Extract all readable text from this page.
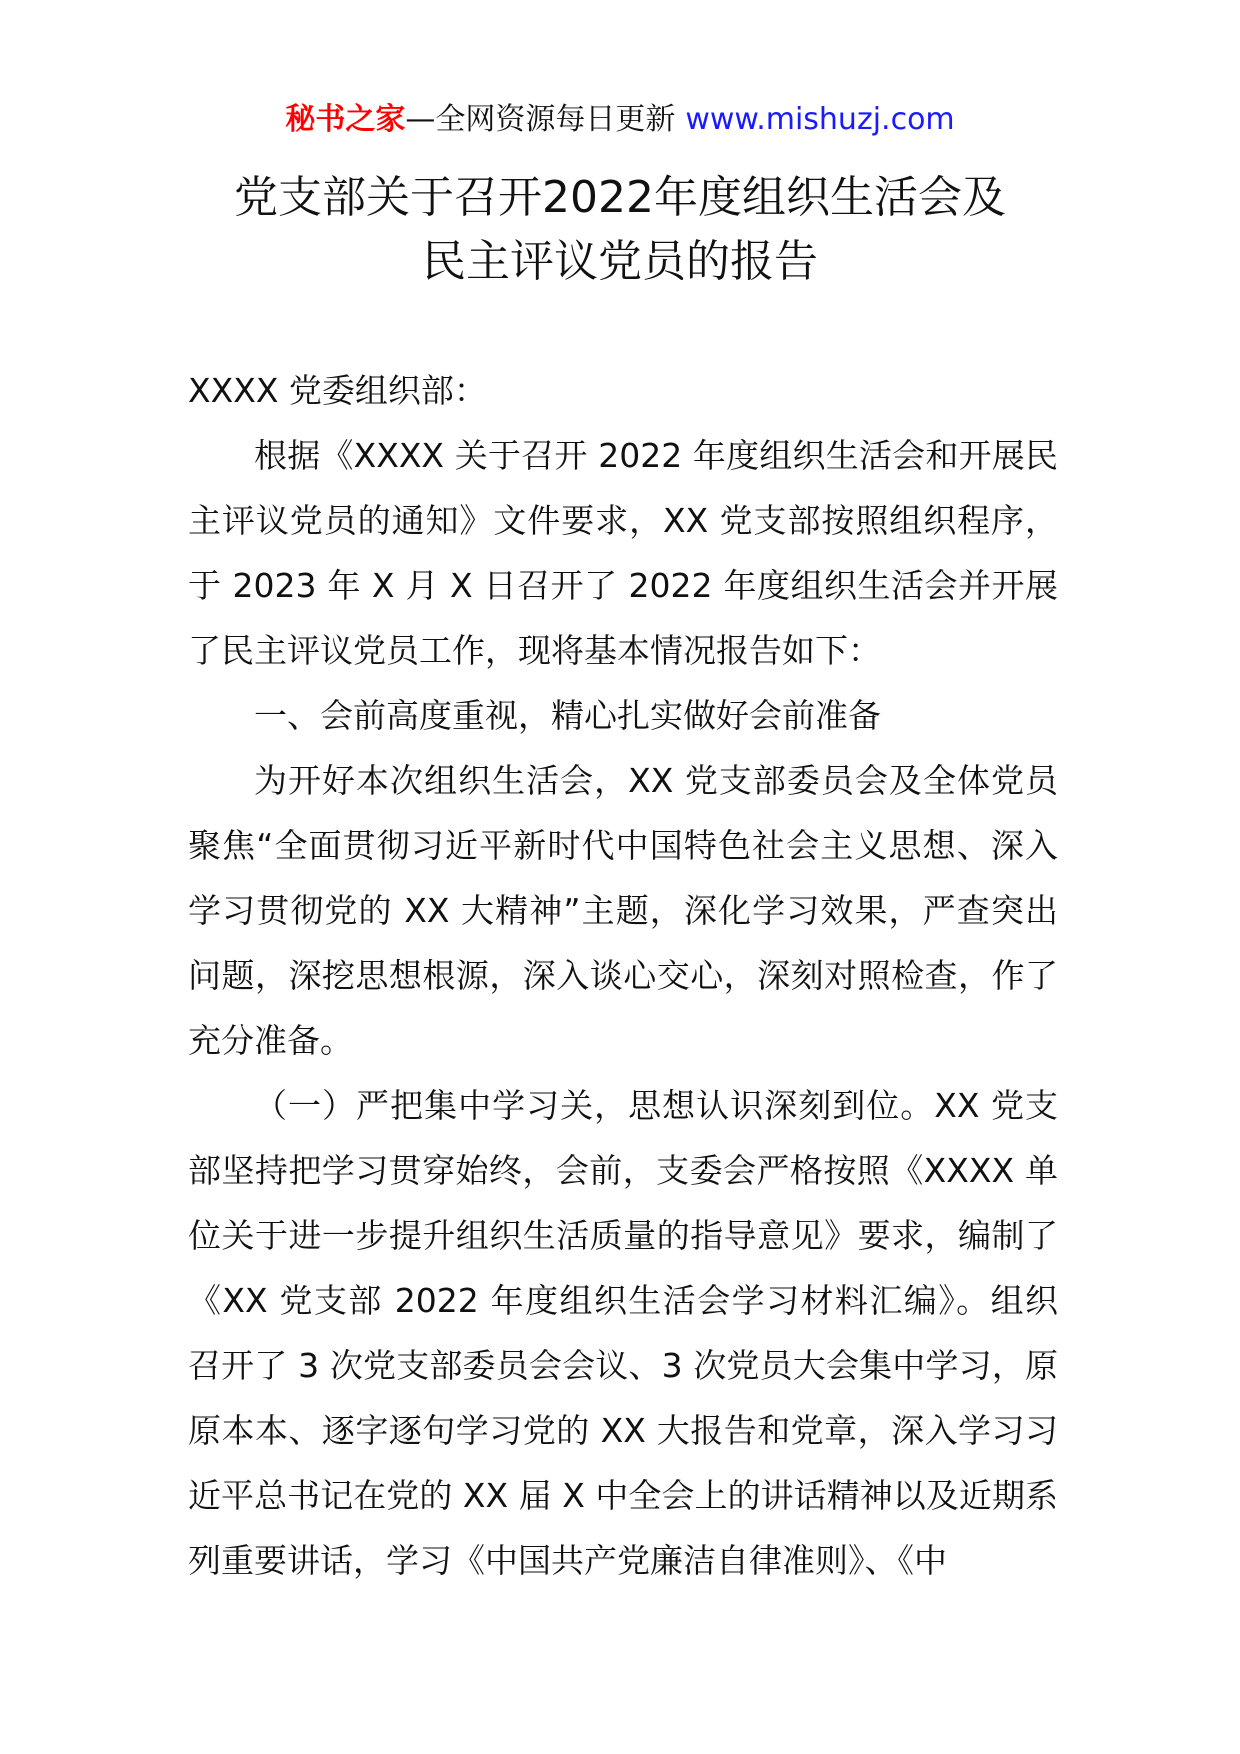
秘书之家—全网资源每日更新 www.mishuzj.com
党支部关于召开2022年度组织生活会及
民主评议党员的报告

XXXX 党委组织部：

根据《XXXX 关于召开 2022 年度组织生活会和开展民主评议党员的通知》文件要求，XX 党支部按照组织程序，于 2023 年 X 月 X 日召开了 2022 年度组织生活会并开展了民主评议党员工作，现将基本情况报告如下：

一、会前高度重视，精心扎实做好会前准备

为开好本次组织生活会，XX 党支部委员会及全体党员聚焦“全面贯彻习近平新时代中国特色社会主义思想、深入学习贯彻党的 XX 大精神”主题，深化学习效果，严查突出问题，深挖思想根源，深入谈心交心，深刻对照检查，作了充分准备。

（一）严把集中学习关，思想认识深刻到位。XX 党支部坚持把学习贯穿始终，会前，支委会严格按照《XXXX 单位关于进一步提升组织生活质量的指导意见》要求，编制了《XX 党支部 2022 年度组织生活会学习材料汇编》。组织召开了 3 次党支部委员会会议、3 次党员大会集中学习，原原本本、逐字逐句学习党的 XX 大报告和党章，深入学习习近平总书记在党的 XX 届 X 中全会上的讲话精神以及近期系列重要讲话，学习《中国共产党廉洁自律准则》、《中
